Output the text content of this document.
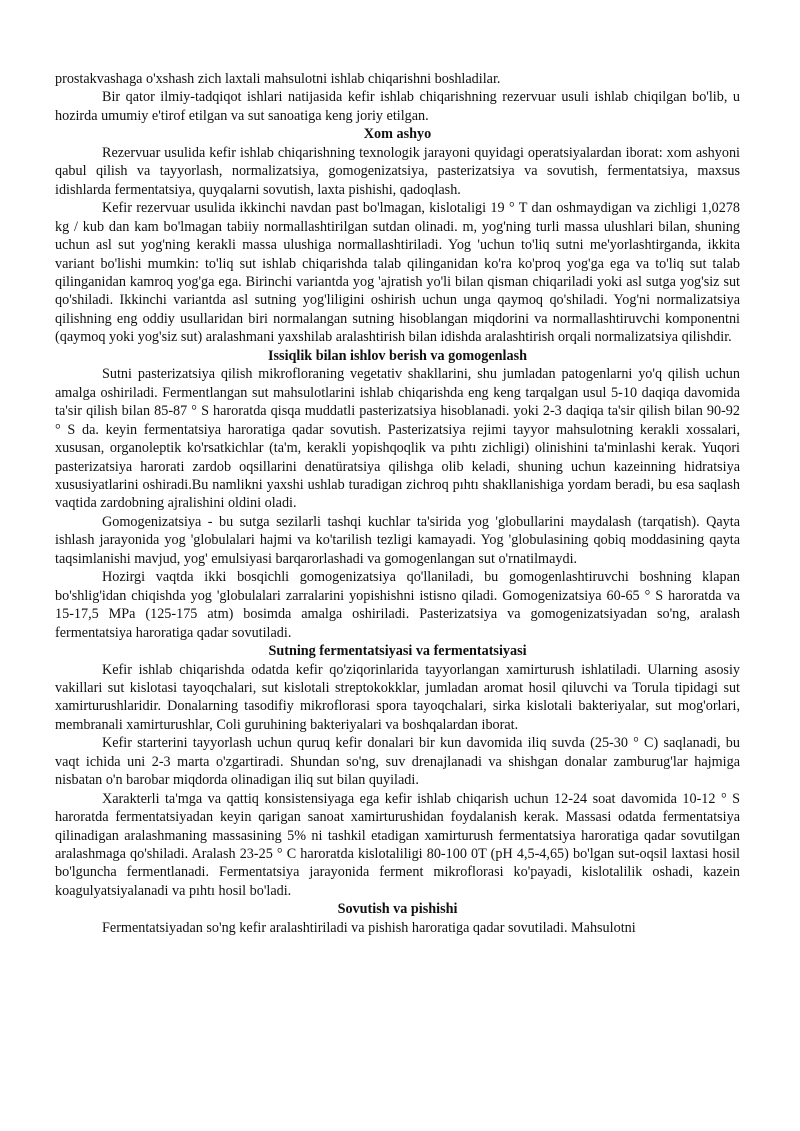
prostakvashaga o'xshash zich laxtali mahsulotni ishlab chiqarishni boshladilar.

Bir qator ilmiy-tadqiqot ishlari natijasida kefir ishlab chiqarishning rezervuar usuli ishlab chiqilgan bo'lib, u hozirda umumiy e'tirof etilgan va sut sanoatiga keng joriy etilgan.

Xom ashyo

Rezervuar usulida kefir ishlab chiqarishning texnologik jarayoni quyidagi operatsiyalardan iborat: xom ashyoni qabul qilish va tayyorlash, normalizatsiya, gomogenizatsiya, pasterizatsiya va sovutish, fermentatsiya, maxsus idishlarda fermentatsiya, quyqalarni sovutish, laxta pishishi, qadoqlash.

Kefir rezervuar usulida ikkinchi navdan past bo'lmagan, kislotaligi 19 ° T dan oshmaydigan va zichligi 1,0278 kg / kub dan kam bo'lmagan tabiiy normallashtirilgan sutdan olinadi. m, yog'ning turli massa ulushlari bilan, shuning uchun asl sut yog'ning kerakli massa ulushiga normallashtiriladi. Yog 'uchun to'liq sutni me'yorlashtirganda, ikkita variant bo'lishi mumkin: to'liq sut ishlab chiqarishda talab qilinganidan ko'ra ko'proq yog'ga ega va to'liq sut talab qilinganidan kamroq yog'ga ega. Birinchi variantda yog 'ajratish yo'li bilan qisman chiqariladi yoki asl sutga yog'siz sut qo'shiladi. Ikkinchi variantda asl sutning yog'liligini oshirish uchun unga qaymoq qo'shiladi. Yog'ni normalizatsiya qilishning eng oddiy usullaridan biri normalangan sutning hisoblangan miqdorini va normallashtiruvchi komponentni (qaymoq yoki yog'siz sut) aralashmani yaxshilab aralashtirish bilan idishda aralashtirish orqali normalizatsiya qilishdir.

Issiqlik bilan ishlov berish va gomogenlash

Sutni pasterizatsiya qilish mikrofloraning vegetativ shakllarini, shu jumladan patogenlarni yo'q qilish uchun amalga oshiriladi. Fermentlangan sut mahsulotlarini ishlab chiqarishda eng keng tarqalgan usul 5-10 daqiqa davomida ta'sir qilish bilan 85-87 ° S haroratda qisqa muddatli pasterizatsiya hisoblanadi. yoki 2-3 daqiqa ta'sir qilish bilan 90-92 ° S da. keyin fermentatsiya haroratiga qadar sovutish. Pasterizatsiya rejimi tayyor mahsulotning kerakli xossalari, xususan, organoleptik ko'rsatkichlar (ta'm, kerakli yopishqoqlik va pıhtı zichligi) olinishini ta'minlashi kerak. Yuqori pasterizatsiya harorati zardob oqsillarini denatüratsiya qilishga olib keladi, shuning uchun kazeinning hidratsiya xususiyatlarini oshiradi.Bu namlikni yaxshi ushlab turadigan zichroq pıhtı shakllanishiga yordam beradi, bu esa saqlash vaqtida zardobning ajralishini oldini oladi.

Gomogenizatsiya - bu sutga sezilarli tashqi kuchlar ta'sirida yog 'globullarini maydalash (tarqatish). Qayta ishlash jarayonida yog 'globulalari hajmi va ko'tarilish tezligi kamayadi. Yog 'globulasining qobiq moddasining qayta taqsimlanishi mavjud, yog' emulsiyasi barqarorlashadi va gomogenlangan sut o'rnatilmaydi.

Hozirgi vaqtda ikki bosqichli gomogenizatsiya qo'llaniladi, bu gomogenlashtiruvchi boshning klapan bo'shlig'idan chiqishda yog 'globulalari zarralarini yopishishni istisno qiladi. Gomogenizatsiya 60-65 ° S haroratda va 15-17,5 MPa (125-175 atm) bosimda amalga oshiriladi. Pasterizatsiya va gomogenizatsiyadan so'ng, aralash fermentatsiya haroratiga qadar sovutiladi.

Sutning fermentatsiyasi va fermentatsiyasi

Kefir ishlab chiqarishda odatda kefir qo'ziqorinlarida tayyorlangan xamirturush ishlatiladi. Ularning asosiy vakillari sut kislotasi tayoqchalari, sut kislotali streptokokklar, jumladan aromat hosil qiluvchi va Torula tipidagi sut xamirturushlaridir. Donalarning tasodifiy mikroflorasi spora tayoqchalari, sirka kislotali bakteriyalar, sut mog'orlari, membranali xamirturushlar, Coli guruhining bakteriyalari va boshqalardan iborat.

Kefir starterini tayyorlash uchun quruq kefir donalari bir kun davomida iliq suvda (25-30 ° C) saqlanadi, bu vaqt ichida uni 2-3 marta o'zgartiradi. Shundan so'ng, suv drenajlanadi va shishgan donalar zamburug'lar hajmiga nisbatan o'n barobar miqdorda olinadigan iliq sut bilan quyiladi.

Xarakterli ta'mga va qattiq konsistensiyaga ega kefir ishlab chiqarish uchun 12-24 soat davomida 10-12 ° S haroratda fermentatsiyadan keyin qarigan sanoat xamirturushidan foydalanish kerak. Massasi odatda fermentatsiya qilinadigan aralashmaning massasining 5% ni tashkil etadigan xamirturush fermentatsiya haroratiga qadar sovutilgan aralashmaga qo'shiladi. Aralash 23-25 ° C haroratda kislotaliligi 80-100 0T (pH 4,5-4,65) bo'lgan sut-oqsil laxtasi hosil bo'lguncha fermentlanadi. Fermentatsiya jarayonida ferment mikroflorasi ko'payadi, kislotalilik oshadi, kazein koagulyatsiyalanadi va pıhtı hosil bo'ladi.

Sovutish va pishishi

Fermentatsiyadan so'ng kefir aralashtiriladi va pishish haroratiga qadar sovutiladi. Mahsulotni
